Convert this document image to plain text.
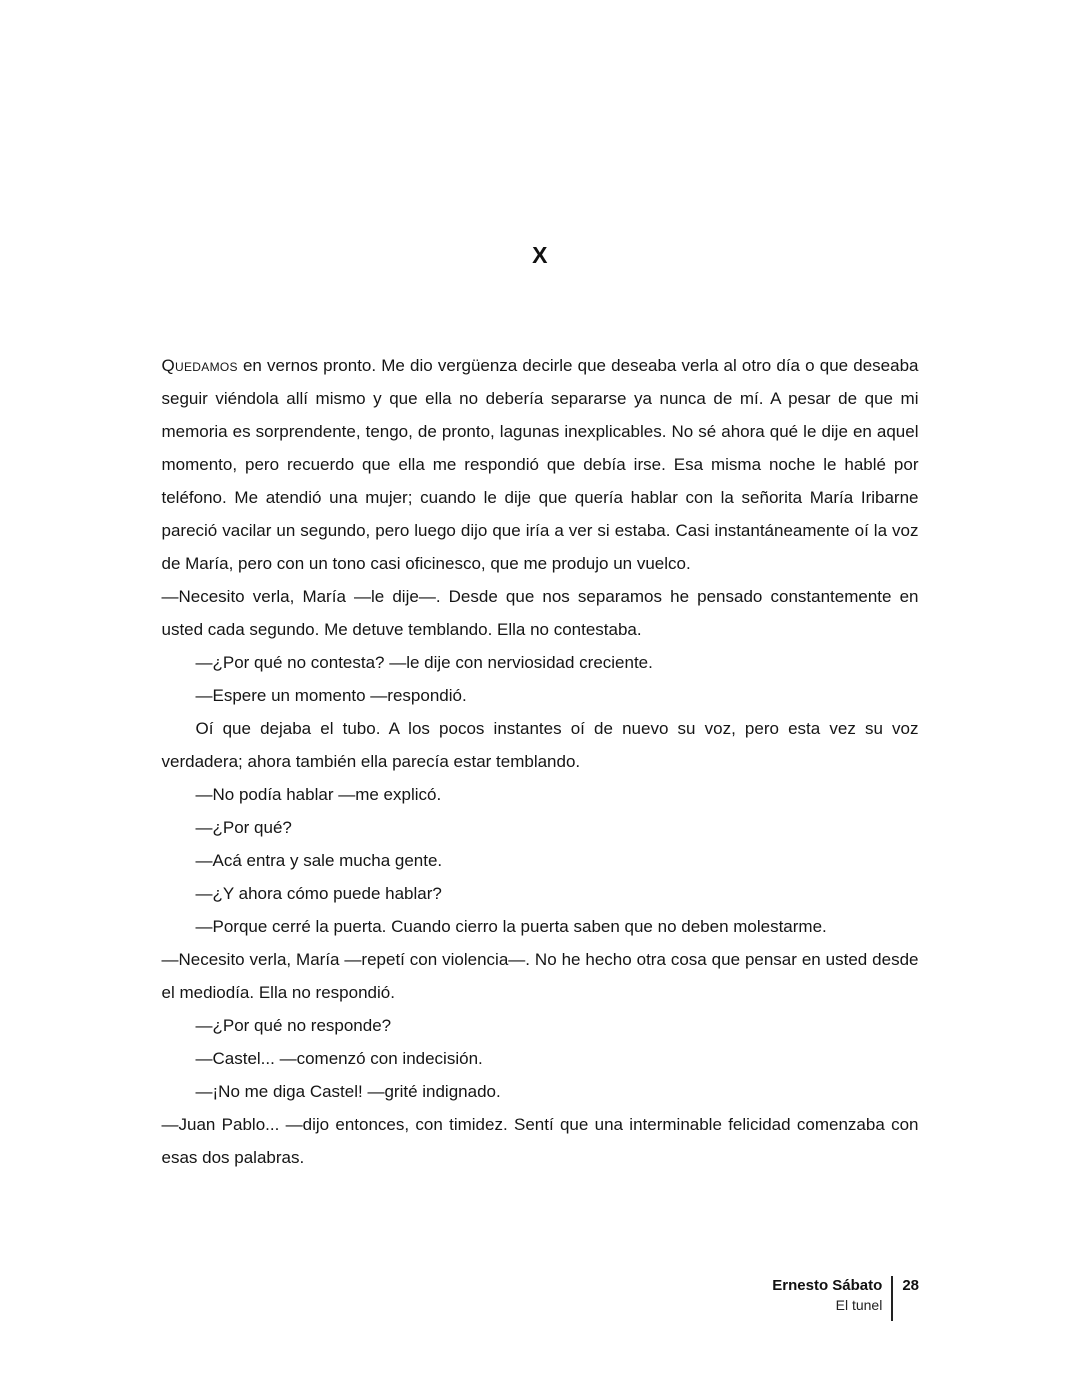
X

Quedamos en vernos pronto. Me dio vergüenza decirle que deseaba verla al otro día o que deseaba seguir viéndola allí mismo y que ella no debería separarse ya nunca de mí. A pesar de que mi memoria es sorprendente, tengo, de pronto, lagunas inexplicables. No sé ahora qué le dije en aquel momento, pero recuerdo que ella me respondió que debía irse. Esa misma noche le hablé por teléfono. Me atendió una mujer; cuando le dije que quería hablar con la señorita María Iribarne pareció vacilar un segundo, pero luego dijo que iría a ver si estaba. Casi instantáneamente oí la voz de María, pero con un tono casi oficinesco, que me produjo un vuelco.

—Necesito verla, María —le dije—. Desde que nos separamos he pensado constantemente en usted cada segundo. Me detuve temblando. Ella no contestaba.

—¿Por qué no contesta? —le dije con nerviosidad creciente.

—Espere un momento —respondió.

Oí que dejaba el tubo. A los pocos instantes oí de nuevo su voz, pero esta vez su voz verdadera; ahora también ella parecía estar temblando.

—No podía hablar —me explicó.

—¿Por qué?

—Acá entra y sale mucha gente.

—¿Y ahora cómo puede hablar?

—Porque cerré la puerta. Cuando cierro la puerta saben que no deben molestarme.

—Necesito verla, María —repetí con violencia—. No he hecho otra cosa que pensar en usted desde el mediodía. Ella no respondió.

—¿Por qué no responde?

—Castel... —comenzó con indecisión.

—¡No me diga Castel! —grité indignado.

—Juan Pablo... —dijo entonces, con timidez. Sentí que una interminable felicidad comenzaba con esas dos palabras.

Ernesto Sábato
El tunel
28
